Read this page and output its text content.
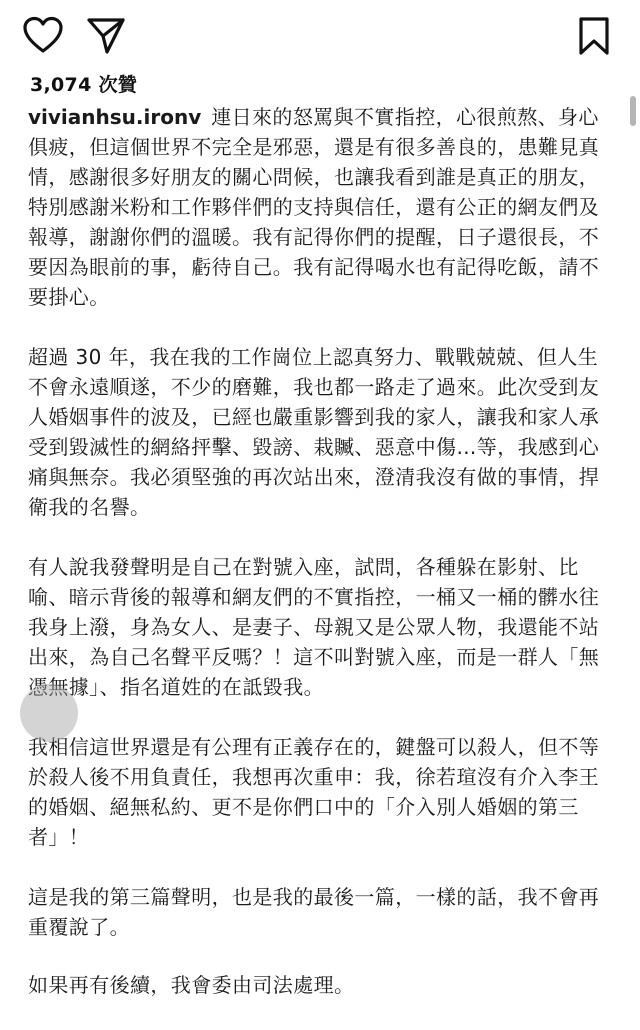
3,074 次贊

vivianhsu.ironv 連日來的怒罵與不實指控，心很煎熬、身心俱疲，但這個世界不完全是邪惡，還是有很多善良的，患難見真情，感謝很多好朋友的關心問候，也讓我看到誰是真正的朋友，特別感謝米粉和工作夥伴們的支持與信任，還有公正的網友們及報導，謝謝你們的溫暖。我有記得你們的提醒，日子還很長，不要因為眼前的事，虧待自己。我有記得喝水也有記得吃飯，請不要掛心。

超過 30 年，我在我的工作崗位上認真努力、戰戰兢兢、但人生不會永遠順遂，不少的磨難，我也都一路走了過來。此次受到友人婚姻事件的波及，已經也嚴重影響到我的家人，讓我和家人承受到毀滅性的網絡抨擊、毀謗、栽贓、惡意中傷…等，我感到心痛與無奈。我必須堅強的再次站出來，澄清我沒有做的事情，捍衛我的名譽。

有人說我發聲明是自己在對號入座，試問，各種躲在影射、比喻、暗示背後的報導和網友們的不實指控，一桶又一桶的髒水往我身上潑，身為女人、是妻子、母親又是公眾人物，我還能不站出來，為自己名聲平反嗎？！這不叫對號入座，而是一群人「無憑無據」、指名道姓的在詆毀我。

我相信這世界還是有公理有正義存在的，鍵盤可以殺人，但不等於殺人後不用負責任，我想再次重申：我，徐若瑄沒有介入李王的婚姻、絕無私約、更不是你們口中的「介入別人婚姻的第三者」！

這是我的第三篇聲明，也是我的最後一篇，一樣的話，我不會再重覆說了。

如果再有後續，我會委由司法處理。
